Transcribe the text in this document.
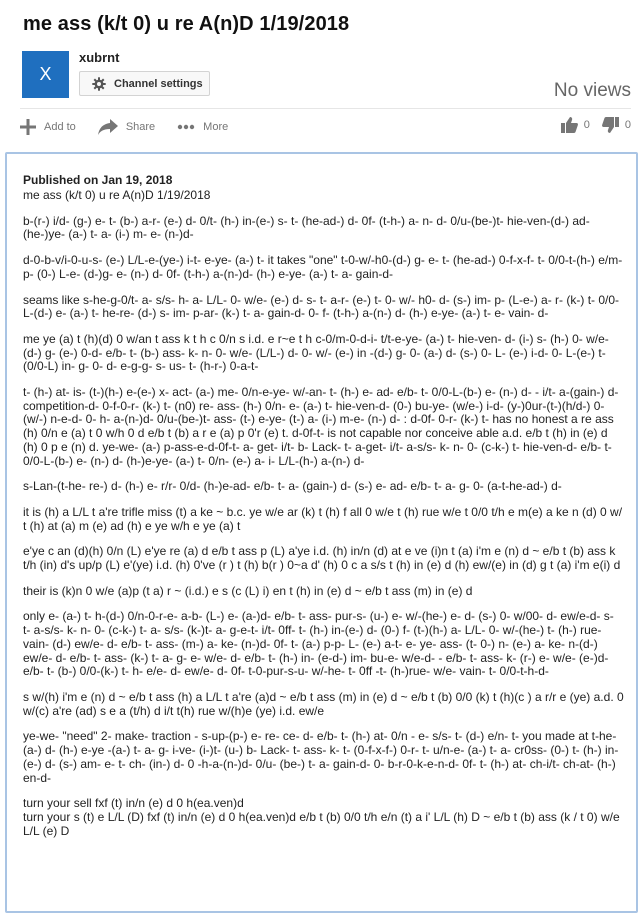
me ass (k/t 0) u re A(n)D 1/19/2018
X
xubrnt
Channel settings	No views
Add to	Share	More	0	0
Published on Jan 19, 2018

me ass (k/t 0) u re A(n)D 1/19/2018

b-(r-) i/d- (g-) e- t- (b-) a-r- (e-) d- 0/t- (h-) in-(e-) s- t- (he-ad-) d- 0f- (t-h-) a- n- d- 0/u-(be-)t- hie-ven-(d-) ad-(he-)ye- (a-) t- a- (i-) m- e- (n-)d-

d-0-b-v/i-0-u-s- (e-) L/L-e-(ye-) i-t- e-ye- (a-) t- it takes "one" t-0-w/-h0-(d-) g- e- t- (he-ad-) 0-f-x-f- t- 0/0-t-(h-) e/m- p- (0-) L-e- (d-)g- e- (n-) d- 0f- (t-h-) a-(n-)d- (h-) e-ye- (a-) t- a- gain-d-

seams like s-he-g-0/t- a- s/s- h- a- L/L- 0- w/e- (e-) d- s- t- a-r- (e-) t- 0- w/- h0- d- (s-) im- p- (L-e-) a- r- (k-) t- 0/0-L-(d-) e- (a-) t- he-re- (d-) s- im- p-ar- (k-) t- a- gain-d- 0- f- (t-h-) a-(n-) d- (h-) e-ye- (a-) t- e- vain- d-

me ye (a) t (h)(d) 0 w/an t ass k t h c 0/n s i.d. e r~e t h c-0/m-0-d-i- t/t-e-ye- (a-) t- hie-ven- d- (i-) s- (h-) 0- w/e- (d-) g- (e-) 0-d- e/b- t- (b-) ass- k- n- 0- w/e- (L/L-) d- 0- w/- (e-) in -(d-) g- 0- (a-) d- (s-) 0- L- (e-) i-d- 0- L-(e-) t- (0/0-L) in- g- 0- d- e-g-g- s- us- t- (h-r-) 0-a-t-

t- (h-) at- is- (t-)(h-) e-(e-) x- act- (a-) me- 0/n-e-ye- w/-an- t- (h-) e- ad- e/b- t- 0/0-L-(b-) e- (n-) d- - i/t- a-(gain-) d- competition-d- 0-f-0-r- (k-) t- (n0) re- ass- (h-) 0/n- e- (a-) t- hie-ven-d- (0-) bu-ye- (w/e-) i-d- (y-)0ur-(t-)(h/d-) 0- (w/-) n-e-d- 0- h- a-(n-)d- 0/u-(be-)t- ass- (t-) e-ye- (t-) a- (i-) m-e- (n-) d- : d-0f- 0-r- (k-) t- has no honest a re ass (h) 0/n e (a) t 0 w/h 0 d e/b t (b) a r e (a) p 0'r (e) t. d-0f-t- is not capable nor conceive able a.d. e/b t (h) in (e) d (h) 0 p e (n) d. ye-we- (a-) p-ass-e-d-0f-t- a- get- i/t- b- Lack- t- a-get- i/t- a-s/s- k- n- 0- (c-k-) t- hie-ven-d- e/b- t- 0/0-L-(b-) e- (n-) d- (h-)e-ye- (a-) t- 0/n- (e-) a- i- L/L-(h-) a-(n-) d-

s-Lan-(t-he- re-) d- (h-) e- r/r- 0/d- (h-)e-ad- e/b- t- a- (gain-) d- (s-) e- ad- e/b- t- a- g- 0- (a-t-he-ad-) d-

it is (h) a L/L t a're trifle miss (t) a ke ~ b.c. ye w/e ar (k) t (h) f all 0 w/e t (h) rue w/e t 0/0 t/h e m(e) a ke n (d) 0 w/ t (h) at (a) m (e) ad (h) e ye w/h e ye (a) t

e'ye c an (d)(h) 0/n (L) e'ye re (a) d e/b t ass p (L) a'ye i.d. (h) in/n (d) at e ve (i)n t (a) i'm e (n) d ~ e/b t (b) ass k t/h (in) d's up/p (L) e'(ye) i.d. (h) 0've (r ) t (h) b(r ) 0~a d' (h) 0 c a s/s t (h) in (e) d (h) ew/(e) in (d) g t (a) i'm e(i) d

their is (k)n 0 w/e (a)p (t a) r ~ (i.d.) e s (c (L) i) en t (h) in (e) d ~ e/b t ass (m) in (e) d

only e- (a-) t- h-(d-) 0/n-0-r-e- a-b- (L-) e- (a-)d- e/b- t- ass- pur-s- (u-) e- w/-(he-) e- d- (s-) 0- w/00- d- ew/e-d- s- t- a-s/s- k- n- 0- (c-k-) t- a- s/s- (k-)t- a- g-e-t- i/t- 0ff- t- (h-) in-(e-) d- (0-) f- (t-)(h-) a- L/L- 0- w/-(he-) t- (h-) rue- vain- (d-) ew/e- d- e/b- t- ass- (m-) a- ke- (n-)d- 0f- t- (a-) p-p- L- (e-) a-t- e- ye- ass- (t- 0-) n- (e-) a- ke- n-(d-) ew/e- d- e/b- t- ass- (k-) t- a- g- e- w/e- d- e/b- t- (h-) in- (e-d-) im- bu-e- w/e-d- - e/b- t- ass- k- (r-) e- w/e- (e-)d- e/b- t- (b-) 0/0-(k-) t- h- e/e- d- ew/e- d- 0f- t-0-pur-s-u- w/-he- t- 0ff -t- (h-)rue- w/e- vain- t- 0/0-t-h-d-

s w/(h) i'm e (n) d ~ e/b t ass (h) a L/L t a're (a)d ~ e/b t ass (m) in (e) d ~ e/b t (b) 0/0 (k) t (h)(c ) a r/r e (ye) a.d. 0 w/(c) a're (ad) s e a (t/h) d i/t t(h) rue w/(h)e (ye) i.d. ew/e

ye-we- "need" 2- make- traction - s-up-(p-) e- re- ce- d- e/b- t- (h-) at- 0/n - e- s/s- t- (d-) e/n- t- you made at t-he- (a-) d- (h-) e-ye -(a-) t- a- g- i-ve- (i-)t- (u-) b- Lack- t- ass- k- t- (0-f-x-f-) 0-r- t- u/n-e- (a-) t- a- cr0ss- (0-) t- (h-) in- (e-) d- (s-) am- e- t- ch- (in-) d- 0 -h-a-(n-)d- 0/u- (be-) t- a- gain-d- 0- b-r-0-k-e-n-d- 0f- t- (h-) at- ch-i/t- ch-at- (h-) en-d-

turn your sell fxf (t) in/n (e) d 0 h(ea.ven)d

turn your s (t) e L/L (D) fxf (t) in/n (e) d 0 h(ea.ven)d e/b t (b) 0/0 t/h e/n (t) a i' L/L (h) D ~ e/b t (b) ass (k / t 0) w/e L/L (e) D
